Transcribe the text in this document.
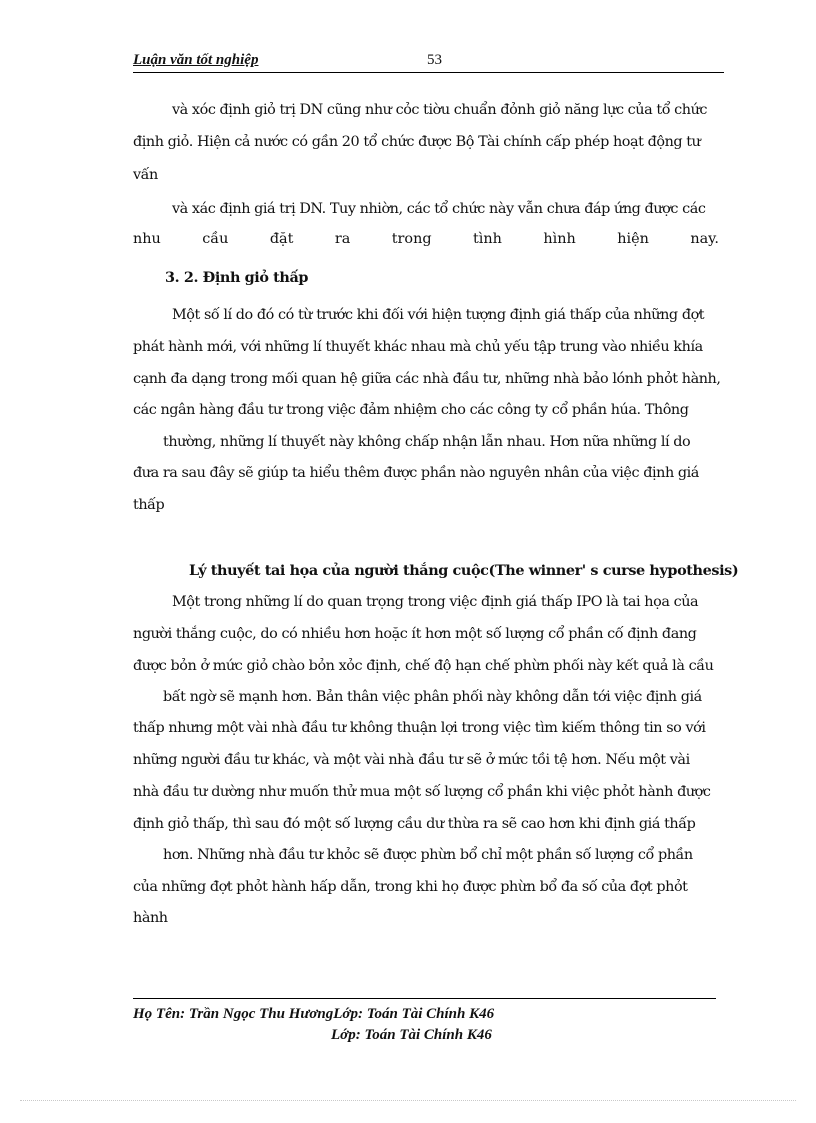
Luận văn tốt nghiệp	53

và xóc định giỏ trị DN cũng như cỏc tiờu chuẩn đỏnh giỏ năng lực của tổ chức

định giỏ. Hiện cả nước có gần 20 tổ chức được Bộ Tài chính cấp phép hoạt động tư

vấn

và xác định giá trị DN. Tuy nhiờn, các tổ chức này vẫn chưa đáp ứng được các

nhu	cầu	đặt	ra	trong	tình	hình	hiện	nay.
3. 2. Định giỏ thấp

Một số lí do đó có từ trước khi đối với hiện tượng định giá thấp của những đợt

phát hành mới, với những lí thuyết khác nhau mà chủ yếu tập trung vào nhiều khía

cạnh đa dạng trong mối quan hệ giữa các nhà đầu tư, những nhà bảo lónh phỏt hành,

các ngân hàng đầu tư trong việc đảm nhiệm cho các công ty cổ phần húa. Thông

thường, những lí thuyết này không chấp nhận lẫn nhau. Hơn nữa những lí do

đưa ra sau đây sẽ giúp ta hiểu thêm được phần nào nguyên nhân của việc định giá

thấp

Lý thuyết tai họa của người thắng cuộc(The winner' s curse hypothesis)

Một trong những lí do quan trọng trong việc định giá thấp IPO là tai họa của

người thắng cuộc, do có nhiều hơn hoặc ít hơn một số lượng cổ phần cố định đang

được bỏn ở mức giỏ chào bỏn xỏc định, chế độ hạn chế phừn phối này kết quả là cầu

bất ngờ sẽ mạnh hơn. Bản thân việc phân phối này không dẫn tới việc định giá

thấp nhưng một vài nhà đầu tư không thuận lợi trong việc tìm kiếm thông tin so với

những người đầu tư khác, và một vài nhà đầu tư sẽ ở mức tồi tệ hơn. Nếu một vài

nhà đầu tư dường như muốn thử mua một số lượng cổ phần khi việc phỏt hành được

định giỏ thấp, thì sau đó một số lượng cầu dư thừa ra sẽ cao hơn khi định giá thấp

hơn. Những nhà đầu tư khỏc sẽ được phừn bổ chỉ một phần số lượng cổ phần

của những đợt phỏt hành hấp dẫn, trong khi họ được phừn bổ đa số của đợt phỏt

hành

Họ Tên: Trần Ngọc Thu HươngLớp: Toán Tài Chính K46
Lớp: Toán Tài Chính K46
